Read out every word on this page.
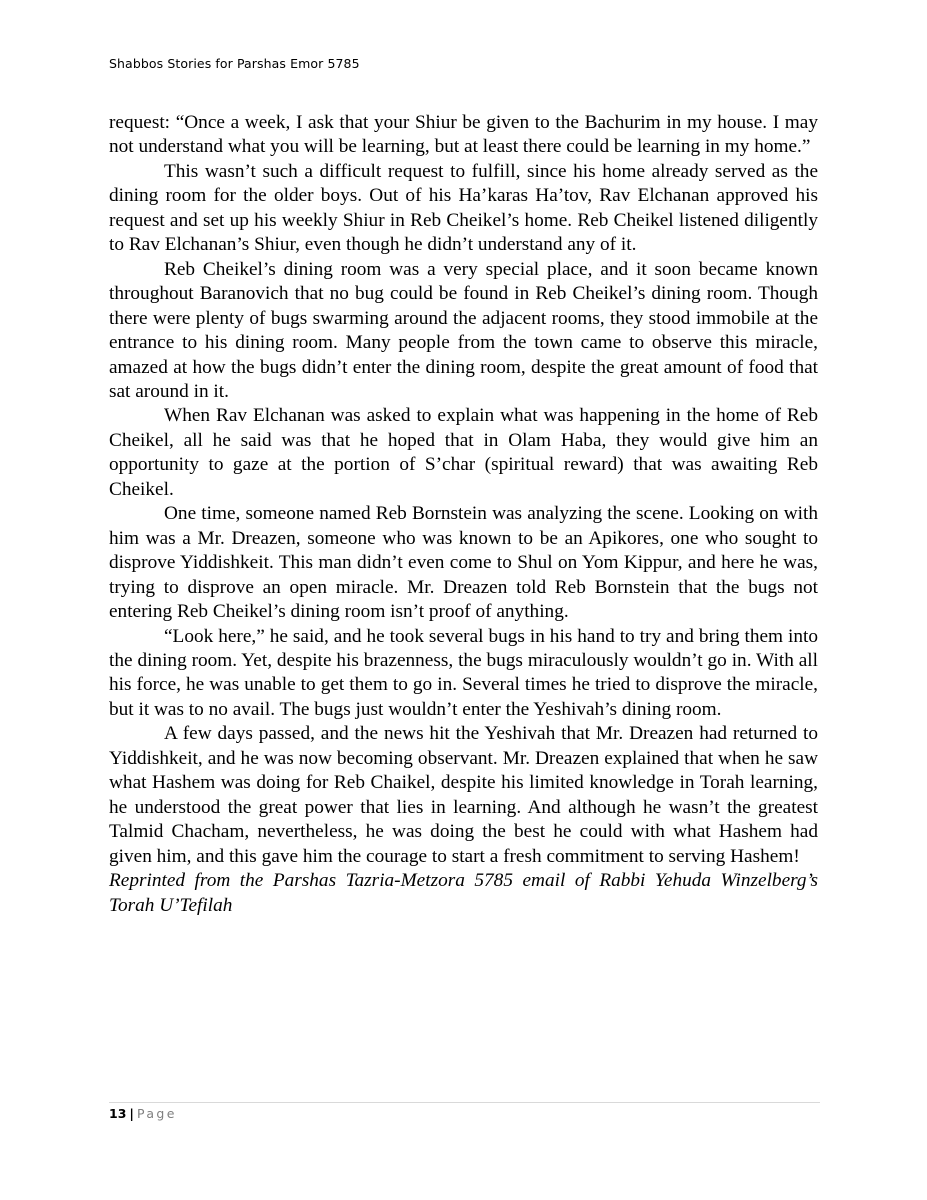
Shabbos Stories for Parshas Emor 5785

request: “Once a week, I ask that your Shiur be given to the Bachurim in my house. I may not understand what you will be learning, but at least there could be learning in my home.”

This wasn’t such a difficult request to fulfill, since his home already served as the dining room for the older boys. Out of his Ha’karas Ha’tov, Rav Elchanan approved his request and set up his weekly Shiur in Reb Cheikel’s home. Reb Cheikel listened diligently to Rav Elchanan’s Shiur, even though he didn’t understand any of it.

Reb Cheikel’s dining room was a very special place, and it soon became known throughout Baranovich that no bug could be found in Reb Cheikel’s dining room. Though there were plenty of bugs swarming around the adjacent rooms, they stood immobile at the entrance to his dining room. Many people from the town came to observe this miracle, amazed at how the bugs didn’t enter the dining room, despite the great amount of food that sat around in it.

When Rav Elchanan was asked to explain what was happening in the home of Reb Cheikel, all he said was that he hoped that in Olam Haba, they would give him an opportunity to gaze at the portion of S’char (spiritual reward) that was awaiting Reb Cheikel.

One time, someone named Reb Bornstein was analyzing the scene. Looking on with him was a Mr. Dreazen, someone who was known to be an Apikores, one who sought to disprove Yiddishkeit. This man didn’t even come to Shul on Yom Kippur, and here he was, trying to disprove an open miracle. Mr. Dreazen told Reb Bornstein that the bugs not entering Reb Cheikel’s dining room isn’t proof of anything.

“Look here,” he said, and he took several bugs in his hand to try and bring them into the dining room. Yet, despite his brazenness, the bugs miraculously wouldn’t go in. With all his force, he was unable to get them to go in. Several times he tried to disprove the miracle, but it was to no avail. The bugs just wouldn’t enter the Yeshivah’s dining room.

A few days passed, and the news hit the Yeshivah that Mr. Dreazen had returned to Yiddishkeit, and he was now becoming observant. Mr. Dreazen explained that when he saw what Hashem was doing for Reb Chaikel, despite his limited knowledge in Torah learning, he understood the great power that lies in learning. And although he wasn’t the greatest Talmid Chacham, nevertheless, he was doing the best he could with what Hashem had given him, and this gave him the courage to start a fresh commitment to serving Hashem!

Reprinted from the Parshas Tazria-Metzora 5785 email of Rabbi Yehuda Winzelberg’s Torah U’Tefilah

13 | Page
